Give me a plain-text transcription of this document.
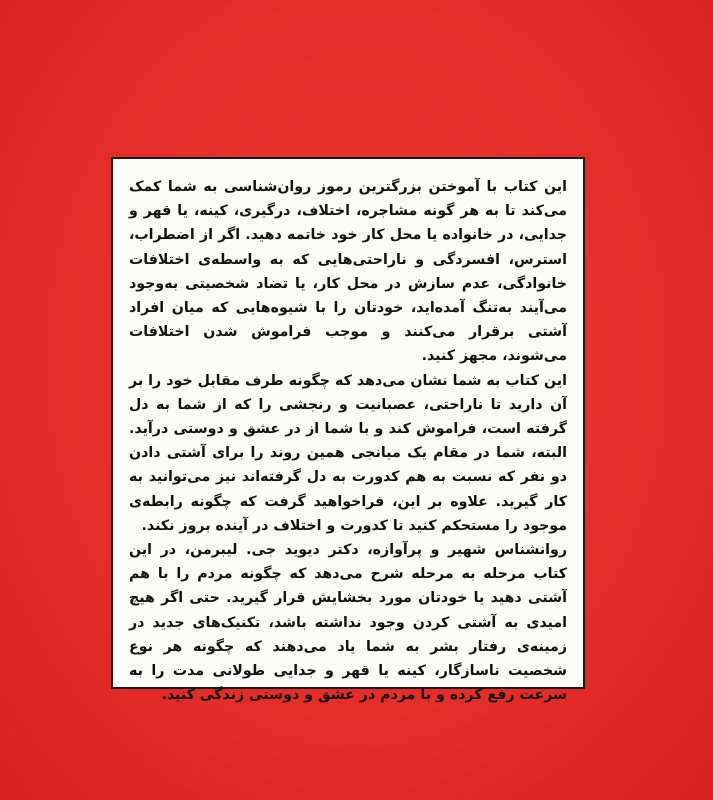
این کتاب با آموختن بزرگترین رموز روان‌شناسی به شما کمک می‌کند تا به هر گونه مشاجره، اختلاف، درگیری، کینه، یا قهر و جدایی، در خانواده یا محل کار خود خاتمه دهید. اگر از اضطراب، استرس، افسردگی و ناراحتی‌هایی که به واسطه‌ی اختلافات خانوادگی، عدم سازش در محل کار، یا تضاد شخصیتی به‌وجود می‌آیند به‌تنگ آمده‌اید، خودتان را با شیوه‌هایی که میان افراد آشتی برقرار می‌کنند و موجب فراموش شدن اختلافات می‌شوند، مجهز کنید.

این کتاب به شما نشان می‌دهد که چگونه طرف مقابل خود را بر آن دارید تا ناراحتی، عصبانیت و رنجشی را که از شما به دل گرفته است، فراموش کند و با شما از در عشق و دوستی درآید. البته، شما در مقام یک میانجی همین روند را برای آشتی دادن دو نفر که نسبت به هم کدورت به دل گرفته‌اند نیز می‌توانید به کار گیرید. علاوه بر این، فراخواهید گرفت که چگونه رابطه‌ی موجود را مستحکم کنید تا کدورت و اختلاف در آینده بروز نکند.

روانشناس شهیر و پرآوازه، دکتر دیوید جی. لیبرمن، در این کتاب مرحله به مرحله شرح می‌دهد که چگونه مردم را با هم آشتی دهید یا خودتان مورد بخشایش قرار گیرید. حتی اگر هیچ امیدی به آشتی کردن وجود نداشته باشد، تکنیک‌های جدید در زمینه‌ی رفتار بشر به شما یاد می‌دهند که چگونه هر نوع شخصیت ناسازگار، کینه یا قهر و جدایی طولانی مدت را به سرعت رفع کرده و با مردم در عشق و دوستی زندگی کنید.
